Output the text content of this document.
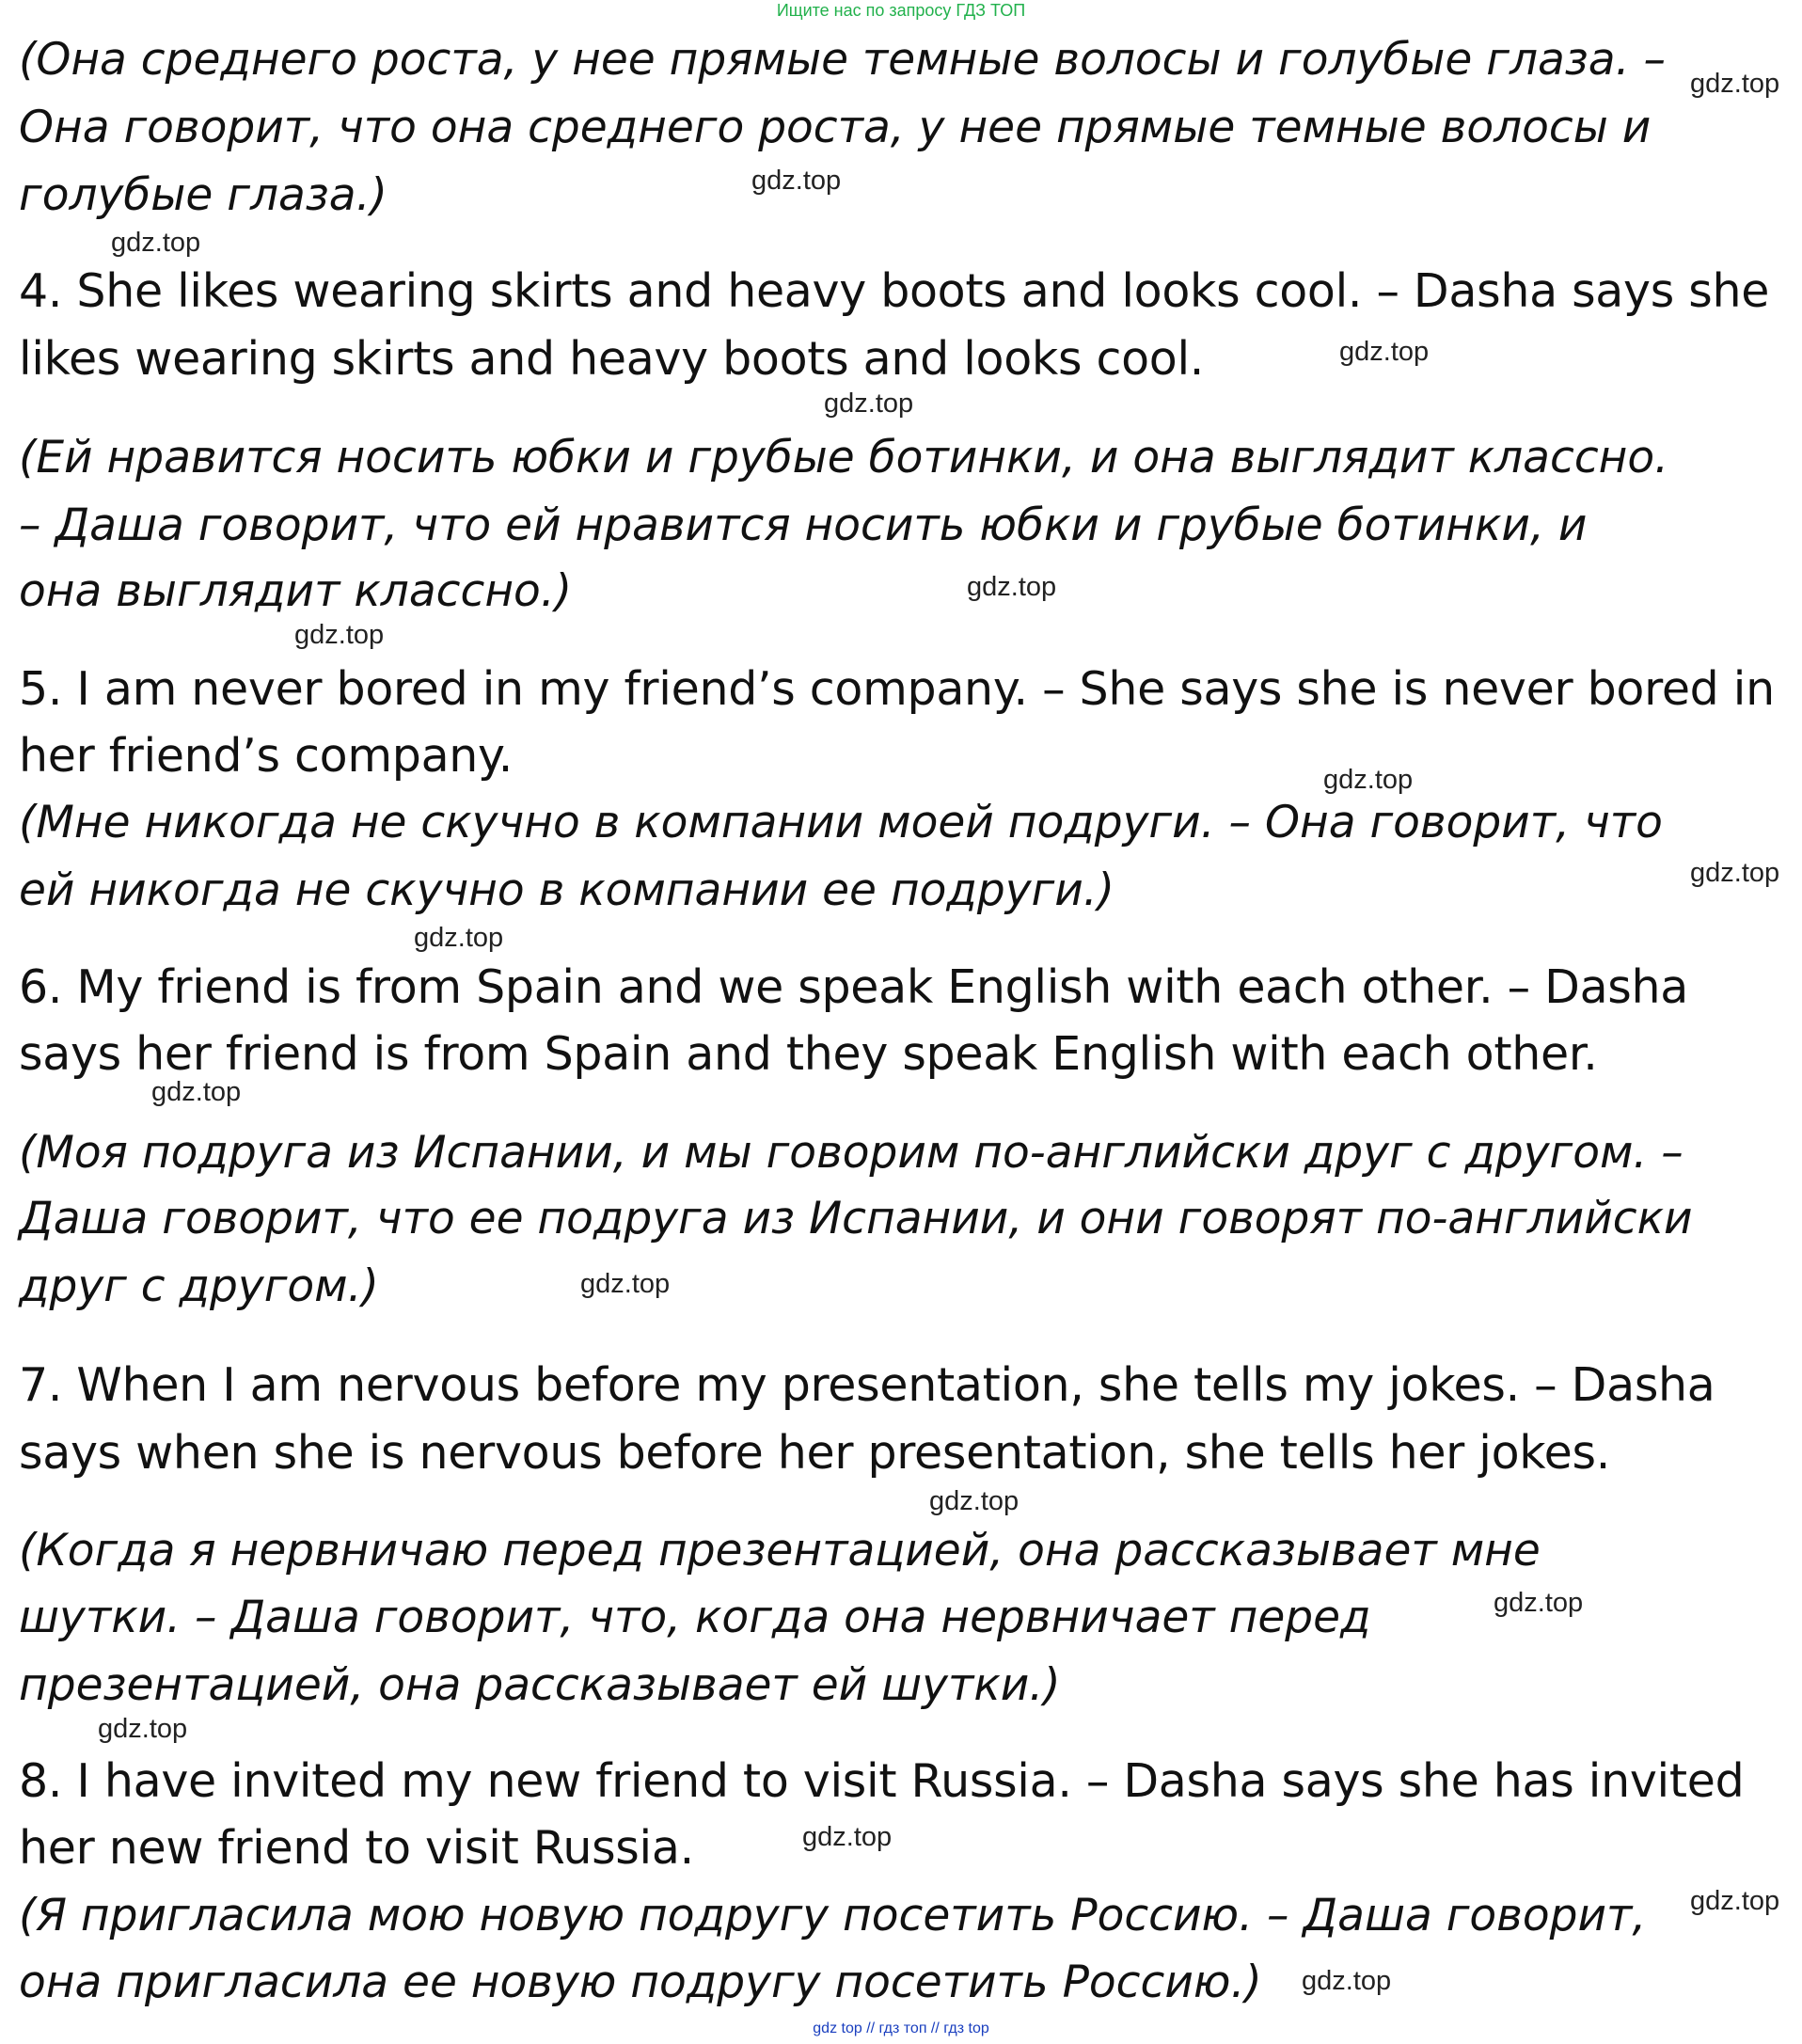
Ищите нас по запросу ГДЗ ТОП
(Она среднего роста, у нее прямые темные волосы и голубые глаза. –
Она говорит, что она среднего роста, у нее прямые темные волосы и
голубые глаза.)
4. She likes wearing skirts and heavy boots and looks cool. – Dasha says she
likes wearing skirts and heavy boots and looks cool.
(Ей нравится носить юбки и грубые ботинки, и она выглядит классно.
– Даша говорит, что ей нравится носить юбки и грубые ботинки, и
она выглядит классно.)
5. I am never bored in my friend’s company. – She says she is never bored in
her friend’s company.
(Мне никогда не скучно в компании моей подруги. – Она говорит, что
ей никогда не скучно в компании ее подруги.)
6. My friend is from Spain and we speak English with each other. – Dasha
says her friend is from Spain and they speak English with each other.
(Моя подруга из Испании, и мы говорим по-английски друг с другом. –
Даша говорит, что ее подруга из Испании, и они говорят по-английски
друг с другом.)
7. When I am nervous before my presentation, she tells my jokes. – Dasha
says when she is nervous before her presentation, she tells her jokes.
(Когда я нервничаю перед презентацией, она рассказывает мне
шутки. – Даша говорит, что, когда она нервничает перед
презентацией, она рассказывает ей шутки.)
8. I have invited my new friend to visit Russia. – Dasha says she has invited
her new friend to visit Russia.
(Я пригласила мою новую подругу посетить Россию. – Даша говорит,
она пригласила ее новую подругу посетить Россию.)
gdz.top
gdz.top
gdz.top
gdz.top
gdz.top
gdz.top
gdz.top
gdz.top
gdz.top
gdz.top
gdz.top
gdz.top
gdz.top
gdz.top
gdz.top
gdz.top
gdz.top
gdz.top
gdz top // гдз топ // гдз top
